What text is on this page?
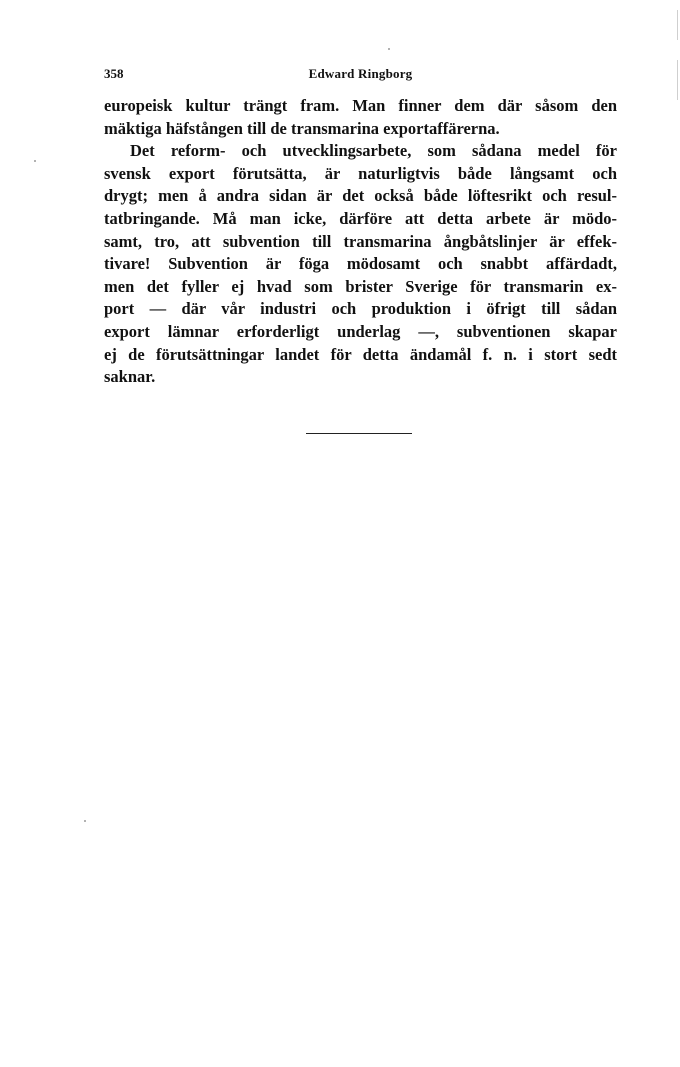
358	Edward Ringborg
europeisk kultur trängt fram. Man finner dem där såsom den
mäktiga häfstången till de transmarina exportaffärerna.
Det reform- och utvecklingsarbete, som sådana medel för
svensk export förutsätta, är naturligtvis både långsamt och
drygt; men å andra sidan är det också både löftesrikt och resul-
tatbringande. Må man icke, därföre att detta arbete är mödo-
samt, tro, att subvention till transmarina ångbåtslinjer är effek-
tivare! Subvention är föga mödosamt och snabbt affärdadt,
men det fyller ej hvad som brister Sverige för transmarin ex-
port — där vår industri och produktion i öfrigt till sådan
export lämnar erforderligt underlag —, subventionen skapar
ej de förutsättningar landet för detta ändamål f. n. i stort sedt
saknar.
